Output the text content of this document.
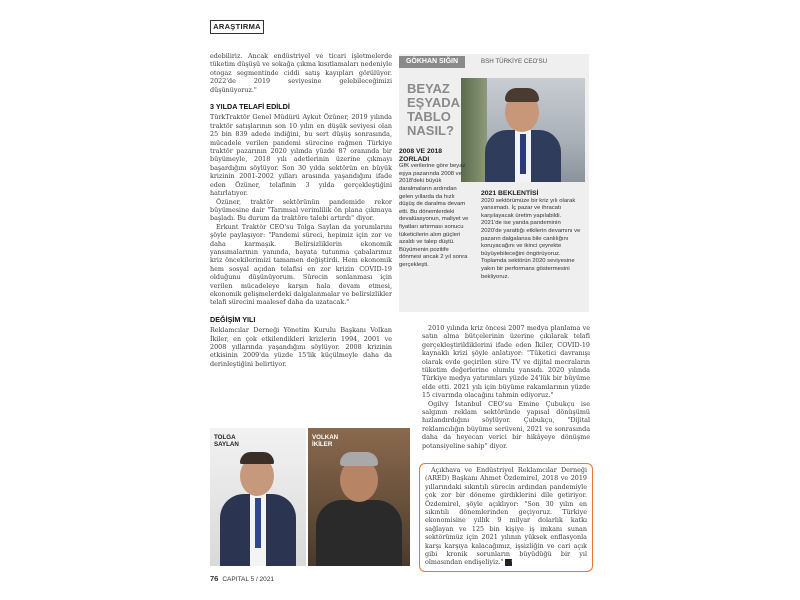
ARAŞTIRMA

edebiliriz. Ancak endüstriyel ve ticari işletmelerde tüketim düşüşü ve sokağa çıkma kısıtlamaları nedeniyle otogaz segmentinde ciddi satış kayıpları görülüyor. 2022'de 2019 seviyesine gelebileceğimizi düşünüyoruz."

3 YILDA TELAFİ EDİLDİ

TürkTraktör Genel Müdürü Aykut Özüner, 2019 yılında traktör satışlarının son 10 yılın en düşük seviyesi olan 25 bin 839 adede indiğini, bu sert düşüş sonrasında, mücadele verilen pandemi sürecine rağmen Türkiye traktör pazarının 2020 yılında yüzde 87 oranında bir büyümeyle, 2018 yılı adetlerinin üzerine çıkmayı başardığını söylüyor. Son 30 yılda sektörün en büyük krizinin 2001-2002 yılları arasında yaşandığını ifade eden Özüner, telafinin 3 yılda gerçekleştiğini hatırlatıyor.

Özüner, traktör sektörünün pandemide rekor büyümesine dair "Tarımsal verimlilik ön plana çıkmaya başladı. Bu durum da traktöre talebi artırdı" diyor.

Erkunt Traktör CEO'su Tolga Saylan da yorumlarını şöyle paylaşıyor: "Pandemi süreci, hepimiz için zor ve daha karmaşık. Belirsizliklerin ekonomik yansımalarının yanında, hayata tutunma çabalarımız kriz öncekilerimizi tamamen değiştirdi. Hem ekonomik hem sosyal açıdan telafisi en zor krizin COVID-19 olduğunu düşünüyorum. Sürecin sonlanması için verilen mücadeleye karşın hala devam etmesi, ekonomik gelişmelerdeki dalgalanmalar ve belirsizlikler telafi sürecini maalesef daha da uzatacak."

DEĞİŞİM YILI

Reklamcılar Derneği Yönetim Kurulu Başkanı Volkan İkiler, en çok etkilendikleri krizlerin 1994, 2001 ve 2008 yıllarında yaşandığını söylüyor. 2008 krizinin etkisinin 2009'da yüzde 15'lik küçülmeyle daha da derinleştiğini belirtiyor.

GÖKHAN SIĞIN	BSH TÜRKİYE CEO'SU
BEYAZ
EŞYADA
TABLO
NASIL?
2008 VE 2018 ZORLADI
GfK verilerine göre beyaz eşya pazarında 2008 ve 2018'deki büyük daralmaların ardından gelen yıllarda da hızlı düşüş de daralma devam etti. Bu dönemlerdeki devalüasyonun, maliyet ve fiyatları artırması sonucu tüketicilerin alım güçleri azaldı ve talep düştü. Büyümenin pozitife dönmesi ancak 2 yıl sonra gerçekleşti.
2021 BEKLENTİSİ
2020 sektörümüze bir kriz yılı olarak yansımadı. İç pazar ve ihracatı karşılayacak üretim yapılabildi. 2021'de ise yanda pandeminin 2020'de yarattığı etkilerin devamını ve pazarın dalgalansa bile canlılığını koruyacağını ve ikinci çeyrekte büyüyebileceğini öngörüyoruz. Toplamda sektörün 2020 seviyesine yakın bir performans göstermesini bekliyoruz.
TOLGA
SAYLAN
VOLKAN
İKİLER

2010 yılında kriz öncesi 2007 medya planlama ve satın alma bütçelerinin üzerine çıkılarak telafi gerçekleştirildiklerini ifade eden İkiler, COVID-19 kaynaklı krizi şöyle anlatıyor: "Tüketici davranışı olarak evde geçirilen süre TV ve dijital mecraların tüketim değerlerine olumlu yansıdı. 2020 yılında Türkiye medya yatırımları yüzde 24'lük bir büyüme elde etti. 2021 yılı için büyüme rakamlarının yüzde 15 civarında olacağını tahmin ediyoruz."

Ogilvy İstanbul CEO'su Emine Çubukçu ise salgının reklam sektöründe yapısal dönüşümü hızlandırdığını söylüyor. Çubukçu, "Dijital reklamcılığın büyüme serüveni, 2021 ve sonrasında daha da heyecan verici bir hikâyeye dönüşme potansiyeline sahip" diyor.

Açıkhava ve Endüstriyel Reklamcılar Derneği (ARED) Başkanı Ahmet Özdemirel, 2018 ve 2019 yıllarındaki sıkıntılı sürecin ardından pandemiyle çok zor bir döneme girdiklerini dile getiriyor. Özdemirel, şöyle açıklıyor: "Son 30 yılın en sıkıntılı dönemlerinden geçiyoruz. Türkiye ekonomisine yıllık 9 milyar dolarlık katkı sağlayan ve 125 bin kişiye iş imkanı sunan sektörümüz için 2021 yılının yüksek enflasyonla karşı karşıya kalacağımız, işsizliğin ve cari açık gibi kronik sorunların büyüdüğü bir yıl olmasından endişeliyiz." C

76 CAPITAL 5 / 2021
